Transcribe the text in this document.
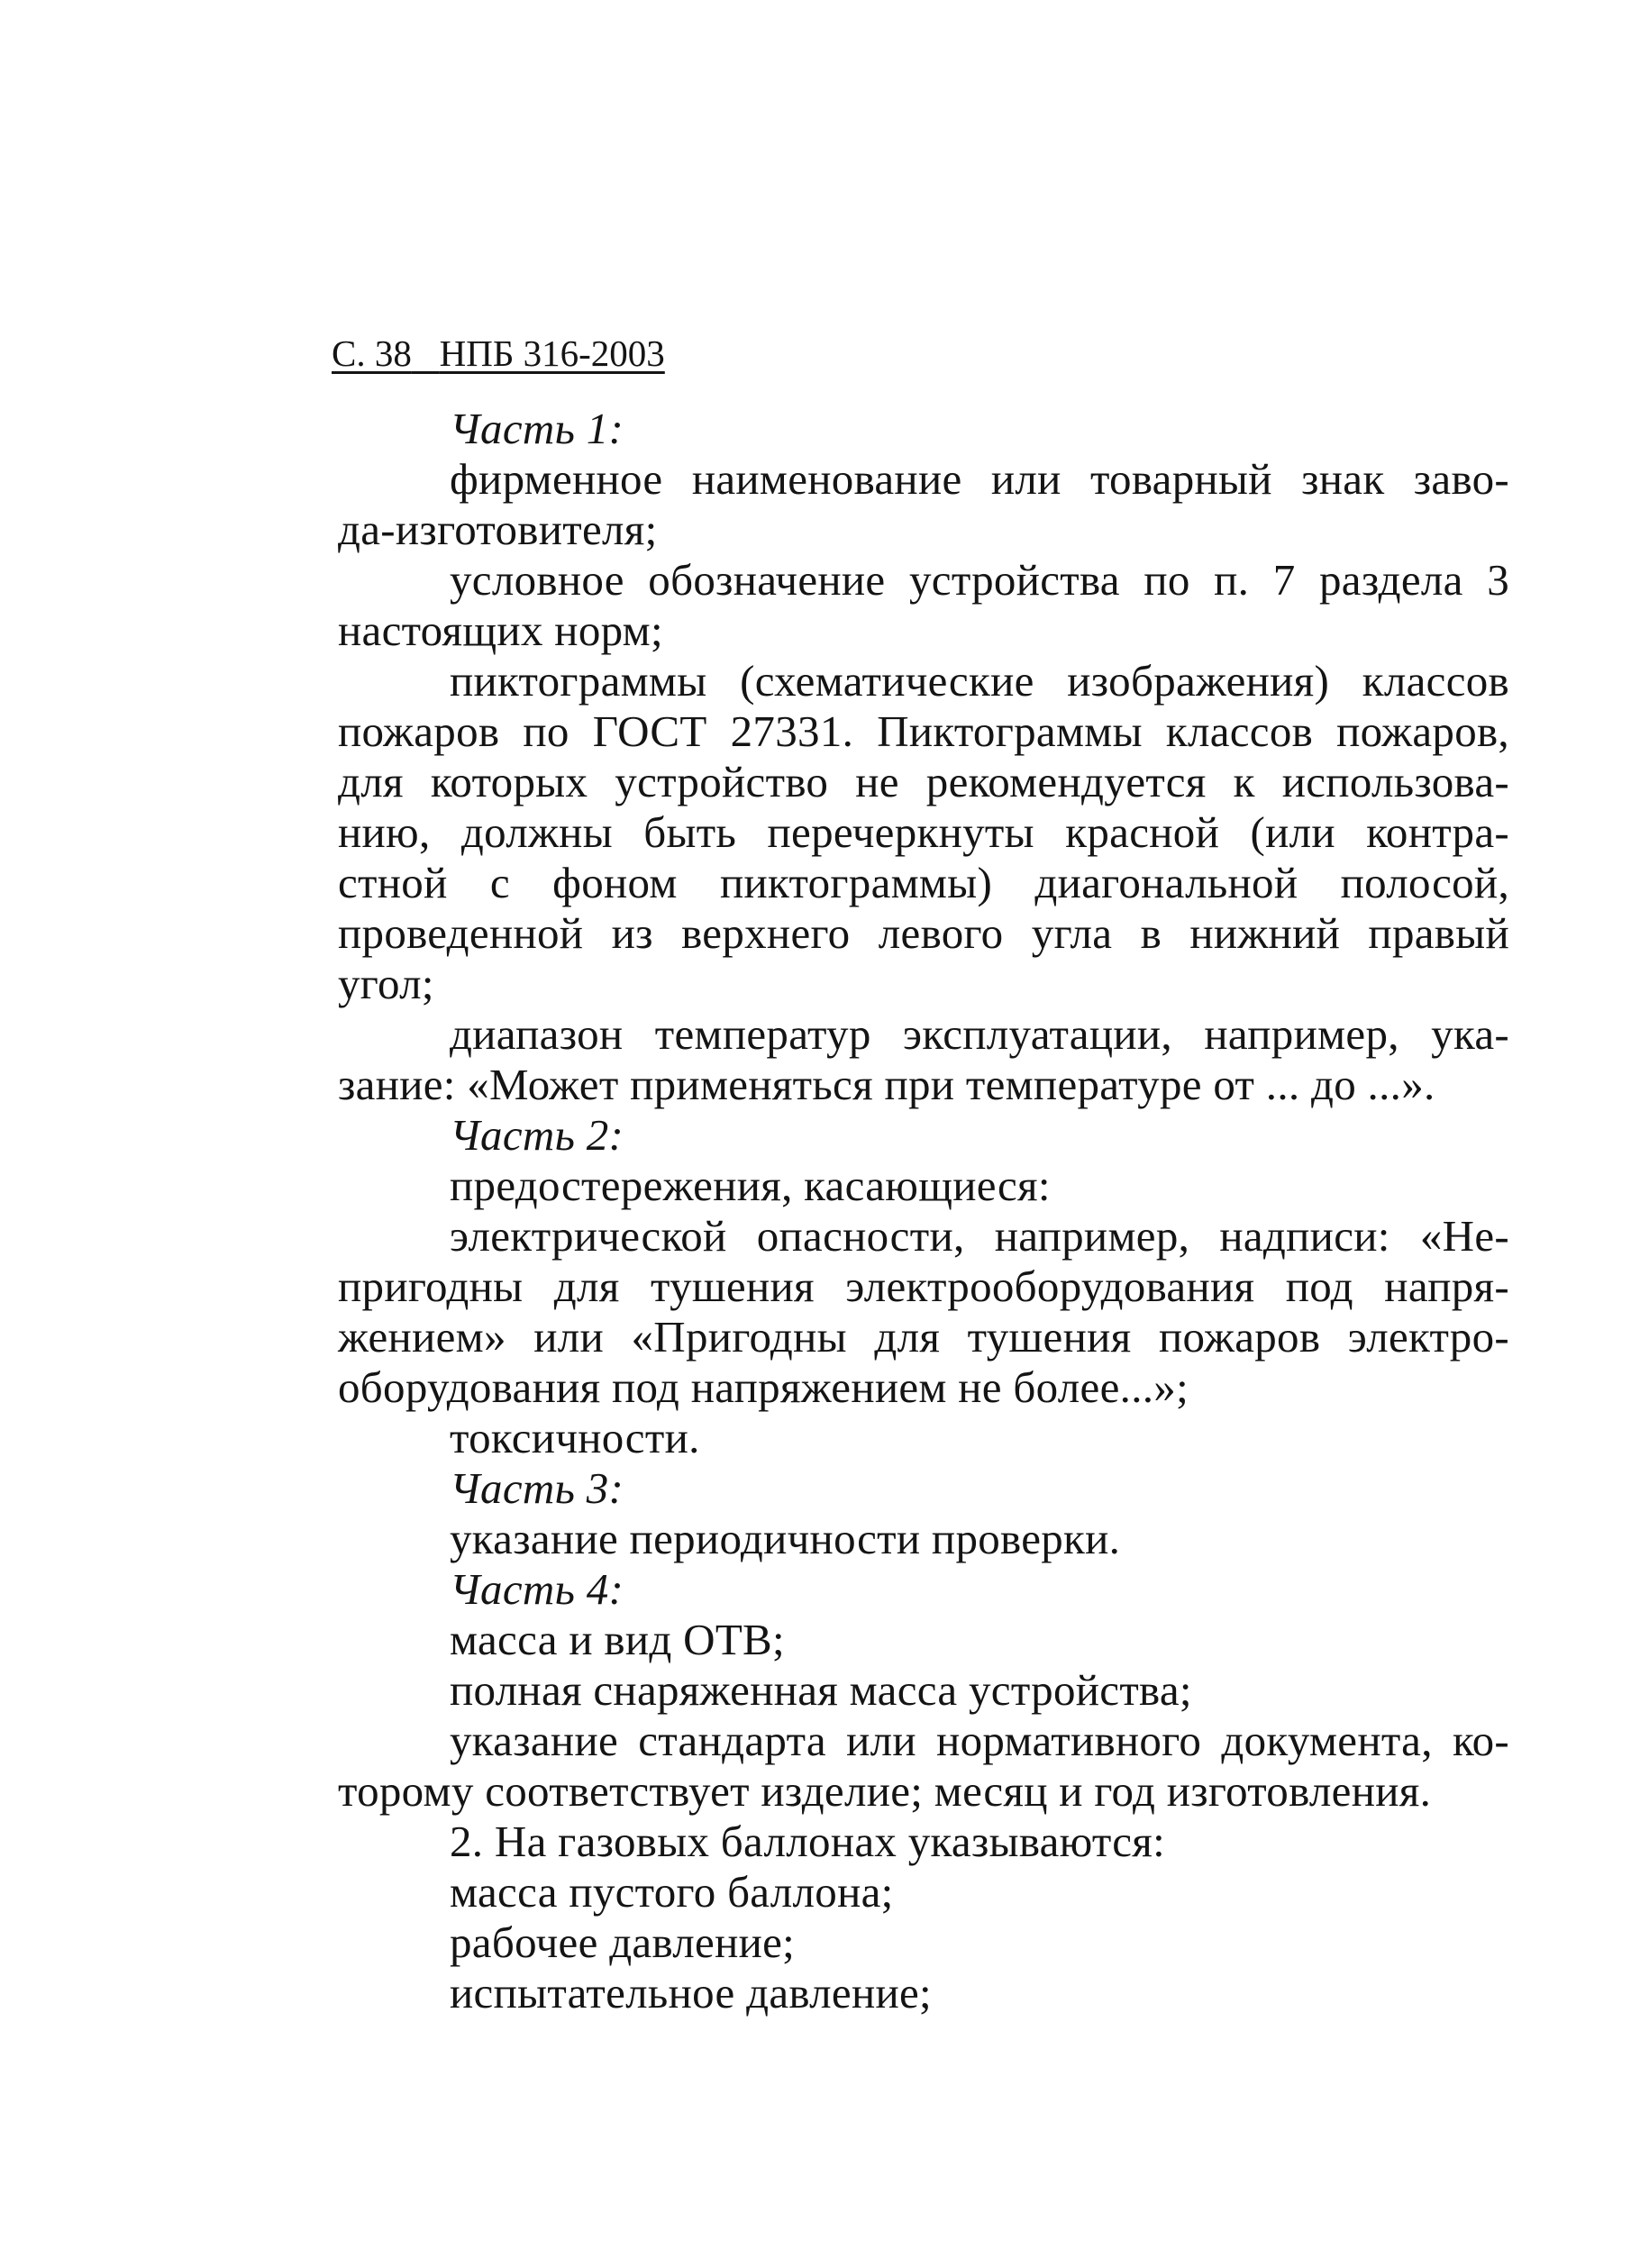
С. 38 НПБ 316-2003
Часть 1:
фирменное наименование или товарный знак заво-
да-изготовителя;
условное обозначение устройства по п. 7 раздела 3
настоящих норм;
пиктограммы (схематические изображения) классов
пожаров по ГОСТ 27331. Пиктограммы классов пожаров,
для которых устройство не рекомендуется к использова-
нию, должны быть перечеркнуты красной (или контра-
стной с фоном пиктограммы) диагональной полосой,
проведенной из верхнего левого угла в нижний правый
угол;
диапазон температур эксплуатации, например, ука-
зание: «Может применяться при температуре от ... до ...».
Часть 2:
предостережения, касающиеся:
электрической опасности, например, надписи: «Не-
пригодны для тушения электрооборудования под напря-
жением» или «Пригодны для тушения пожаров электро-
оборудования под напряжением не более...»;
токсичности.
Часть 3:
указание периодичности проверки.
Часть 4:
масса и вид ОТВ;
полная снаряженная масса устройства;
указание стандарта или нормативного документа, ко-
торому соответствует изделие; месяц и год изготовления.
2. На газовых баллонах указываются:
масса пустого баллона;
рабочее давление;
испытательное давление;
